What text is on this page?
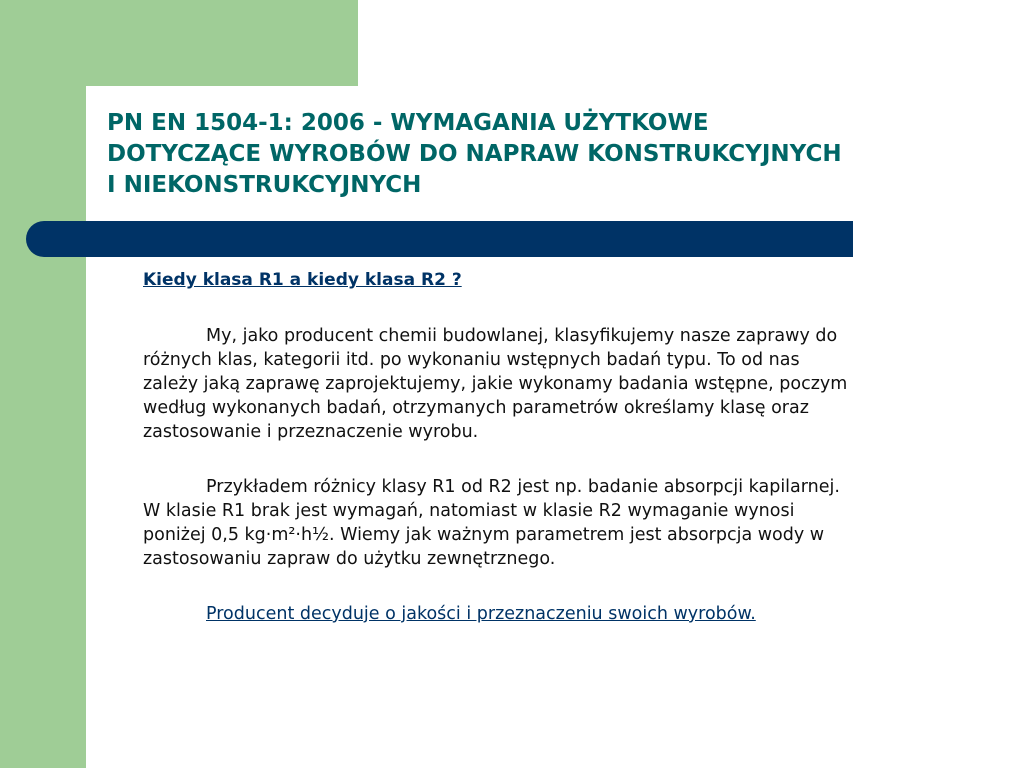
PN EN 1504-1: 2006 - WYMAGANIA UŻYTKOWE
DOTYCZĄCE WYROBÓW DO NAPRAW KONSTRUKCYJNYCH
I NIEKONSTRUKCYJNYCH

Kiedy klasa R1 a kiedy klasa R2 ?

My, jako producent chemii budowlanej, klasyfikujemy nasze zaprawy do
różnych klas, kategorii itd. po wykonaniu wstępnych badań typu. To od nas
zależy jaką zaprawę zaprojektujemy, jakie wykonamy badania wstępne, poczym
według wykonanych badań, otrzymanych parametrów określamy klasę oraz
zastosowanie i przeznaczenie wyrobu.

Przykładem różnicy klasy R1 od R2 jest np. badanie absorpcji kapilarnej.
W klasie R1 brak jest wymagań, natomiast w klasie R2 wymaganie wynosi
poniżej 0,5 kg·m²·h½. Wiemy jak ważnym parametrem jest absorpcja wody w
zastosowaniu zapraw do użytku zewnętrznego.

Producent decyduje o jakości i przeznaczeniu swoich wyrobów.
